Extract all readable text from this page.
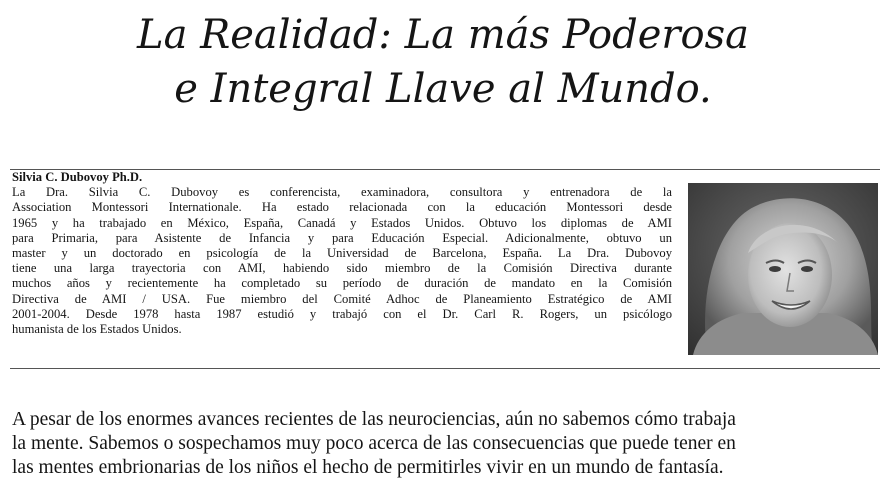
La Realidad: La más Poderosa
e Integral Llave al Mundo.
Silvia C. Dubovoy Ph.D.
La Dra. Silvia C. Dubovoy es conferencista, examinadora, consultora y entrenadora de la
Association Montessori Internationale. Ha estado relacionada con la educación Montessori desde
1965 y ha trabajado en México, España, Canadá y Estados Unidos. Obtuvo los diplomas de AMI
para Primaria, para Asistente de Infancia y para Educación Especial. Adicionalmente, obtuvo un
master y un doctorado en psicología de la Universidad de Barcelona, España. La Dra. Dubovoy
tiene una larga trayectoria con AMI, habiendo sido miembro de la Comisión Directiva durante
muchos años y recientemente ha completado su período de duración de mandato en la Comisión
Directiva de AMI / USA. Fue miembro del Comité Adhoc de Planeamiento Estratégico de AMI
2001-2004. Desde 1978 hasta 1987 estudió y trabajó con el Dr. Carl R. Rogers, un psicólogo
humanista de los Estados Unidos.
A pesar de los enormes avances recientes de las neurociencias, aún no sabemos cómo trabaja
la mente. Sabemos o sospechamos muy poco acerca de las consecuencias que puede tener en
las mentes embrionarias de los niños el hecho de permitirles vivir en un mundo de fantasía.
